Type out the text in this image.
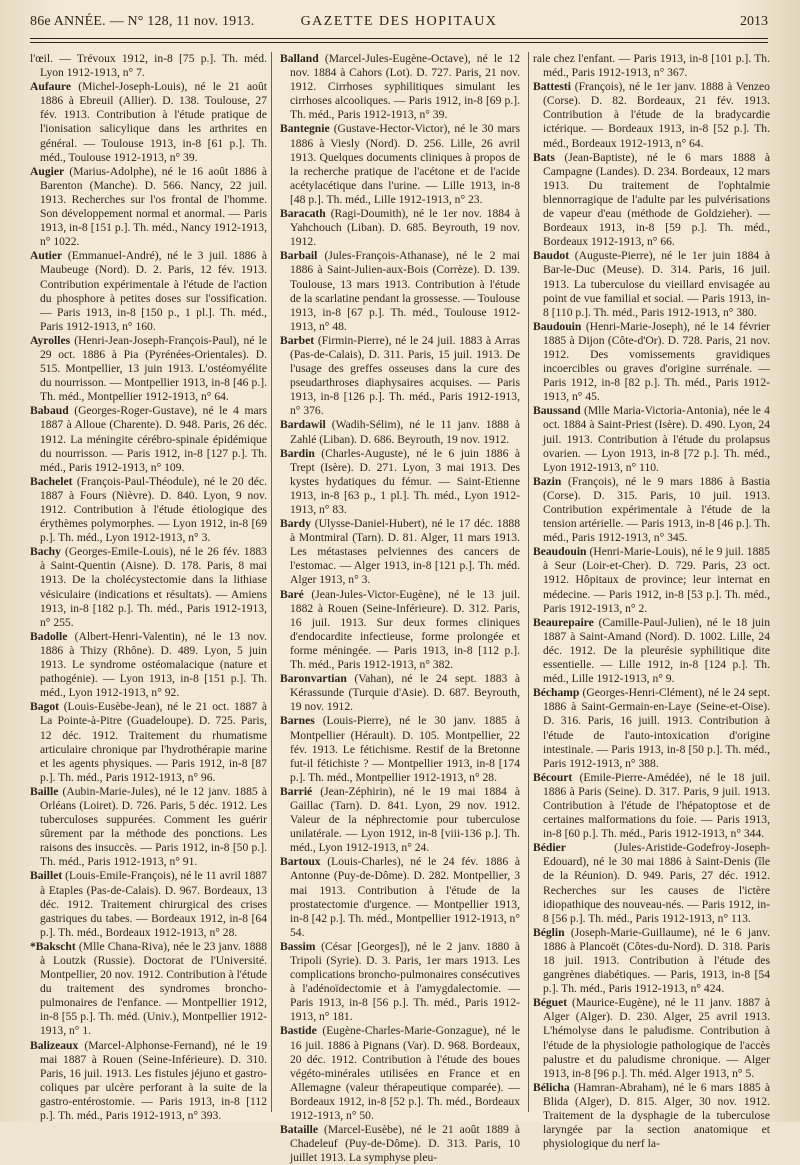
86e ANNÉE. — N° 128, 11 nov. 1913.	GAZETTE DES HOPITAUX	2013

l'œil. — Trévoux 1912, in-8 [75 p.]. Th. méd. Lyon 1912-1913, n° 7.

Aufaure (Michel-Joseph-Louis), né le 21 août 1886 à Ebreuil (Allier). D. 138. Toulouse, 27 fév. 1913. Contribution à l'étude pratique de l'ionisation salicylique dans les arthrites en général. — Toulouse 1913, in-8 [61 p.]. Th. méd., Toulouse 1912-1913, n° 39.

Augier (Marius-Adolphe), né le 16 août 1886 à Barenton (Manche). D. 566. Nancy, 22 juil. 1913. Recherches sur l'os frontal de l'homme. Son développement normal et anormal. — Paris 1913, in-8 [151 p.]. Th. méd., Nancy 1912-1913, n° 1022.

Autier (Emmanuel-André), né le 3 juil. 1886 à Maubeuge (Nord). D. 2. Paris, 12 fév. 1913. Contribution expérimentale à l'étude de l'action du phosphore à petites doses sur l'ossification. — Paris 1913, in-8 [150 p., 1 pl.]. Th. méd., Paris 1912-1913, n° 160.

Ayrolles (Henri-Jean-Joseph-François-Paul), né le 29 oct. 1886 à Pia (Pyrénées-Orientales). D. 515. Montpellier, 13 juin 1913. L'ostéomyélite du nourrisson. — Montpellier 1913, in-8 [46 p.]. Th. méd., Montpellier 1912-1913, n° 64.

Babaud (Georges-Roger-Gustave), né le 4 mars 1887 à Alloue (Charente). D. 948. Paris, 26 déc. 1912. La méningite cérébro-spinale épidémique du nourrisson. — Paris 1912, in-8 [127 p.]. Th. méd., Paris 1912-1913, n° 109.

Bachelet (François-Paul-Théodule), né le 20 déc. 1887 à Fours (Nièvre). D. 840. Lyon, 9 nov. 1912. Contribution à l'étude étiologique des érythèmes polymorphes. — Lyon 1912, in-8 [69 p.]. Th. méd., Lyon 1912-1913, n° 3.

Bachy (Georges-Emile-Louis), né le 26 fév. 1883 à Saint-Quentin (Aisne). D. 178. Paris, 8 mai 1913. De la cholécystectomie dans la lithiase vésiculaire (indications et résultats). — Amiens 1913, in-8 [182 p.]. Th. méd., Paris 1912-1913, n° 255.

Badolle (Albert-Henri-Valentin), né le 13 nov. 1886 à Thizy (Rhône). D. 489. Lyon, 5 juin 1913. Le syndrome ostéomalacique (nature et pathogénie). — Lyon 1913, in-8 [151 p.]. Th. méd., Lyon 1912-1913, n° 92.

Bagot (Louis-Eusèbe-Jean), né le 21 oct. 1887 à La Pointe-à-Pitre (Guadeloupe). D. 725. Paris, 12 déc. 1912. Traitement du rhumatisme articulaire chronique par l'hydrothérapie marine et les agents physiques. — Paris 1912, in-8 [87 p.]. Th. méd., Paris 1912-1913, n° 96.

Baille (Aubin-Marie-Jules), né le 12 janv. 1885 à Orléans (Loiret). D. 726. Paris, 5 déc. 1912. Les tuberculoses suppurées. Comment les guérir sûrement par la méthode des ponctions. Les raisons des insuccès. — Paris 1912, in-8 [50 p.]. Th. méd., Paris 1912-1913, n° 91.

Baillet (Louis-Emile-François), né le 11 avril 1887 à Etaples (Pas-de-Calais). D. 967. Bordeaux, 13 déc. 1912. Traitement chirurgical des crises gastriques du tabes. — Bordeaux 1912, in-8 [64 p.]. Th. méd., Bordeaux 1912-1913, n° 28.

*Bakscht (Mlle Chana-Riva), née le 23 janv. 1888 à Loutzk (Russie). Doctorat de l'Université. Montpellier, 20 nov. 1912. Contribution à l'étude du traitement des syndromes broncho-pulmonaires de l'enfance. — Montpellier 1912, in-8 [55 p.]. Th. méd. (Univ.), Montpellier 1912-1913, n° 1.

Balizeaux (Marcel-Alphonse-Fernand), né le 19 mai 1887 à Rouen (Seine-Inférieure). D. 310. Paris, 16 juil. 1913. Les fistules jéjuno et gastro-coliques par ulcère perforant à la suite de la gastro-entérostomie. — Paris 1913, in-8 [112 p.]. Th. méd., Paris 1912-1913, n° 393.

Balland (Marcel-Jules-Eugène-Octave), né le 12 nov. 1884 à Cahors (Lot). D. 727. Paris, 21 nov. 1912. Cirrhoses syphilitiques simulant les cirrhoses alcooliques. — Paris 1912, in-8 [69 p.]. Th. méd., Paris 1912-1913, n° 39.

Bantegnie (Gustave-Hector-Victor), né le 30 mars 1886 à Viesly (Nord). D. 256. Lille, 26 avril 1913. Quelques documents cliniques à propos de la recherche pratique de l'acétone et de l'acide acétylacétique dans l'urine. — Lille 1913, in-8 [48 p.]. Th. méd., Lille 1912-1913, n° 23.

Baracath (Ragi-Doumith), né le 1er nov. 1884 à Yahchouch (Liban). D. 685. Beyrouth, 19 nov. 1912.

Barbail (Jules-François-Athanase), né le 2 mai 1886 à Saint-Julien-aux-Bois (Corrèze). D. 139. Toulouse, 13 mars 1913. Contribution à l'étude de la scarlatine pendant la grossesse. — Toulouse 1913, in-8 [67 p.]. Th. méd., Toulouse 1912-1913, n° 48.

Barbet (Firmin-Pierre), né le 24 juil. 1883 à Arras (Pas-de-Calais), D. 311. Paris, 15 juil. 1913. De l'usage des greffes osseuses dans la cure des pseudarthroses diaphysaires acquises. — Paris 1913, in-8 [126 p.]. Th. méd., Paris 1912-1913, n° 376.

Bardawil (Wadih-Sélim), né le 11 janv. 1888 à Zahlé (Liban). D. 686. Beyrouth, 19 nov. 1912.

Bardin (Charles-Auguste), né le 6 juin 1886 à Trept (Isère). D. 271. Lyon, 3 mai 1913. Des kystes hydatiques du fémur. — Saint-Etienne 1913, in-8 [63 p., 1 pl.]. Th. méd., Lyon 1912-1913, n° 83.

Bardy (Ulysse-Daniel-Hubert), né le 17 déc. 1888 à Montmiral (Tarn). D. 81. Alger, 11 mars 1913. Les métastases pelviennes des cancers de l'estomac. — Alger 1913, in-8 [121 p.]. Th. méd. Alger 1913, n° 3.

Baré (Jean-Jules-Victor-Eugène), né le 13 juil. 1882 à Rouen (Seine-Inférieure). D. 312. Paris, 16 juil. 1913. Sur deux formes cliniques d'endocardite infectieuse, forme prolongée et forme méningée. — Paris 1913, in-8 [112 p.]. Th. méd., Paris 1912-1913, n° 382.

Baronvartian (Vahan), né le 24 sept. 1883 à Kérassunde (Turquie d'Asie). D. 687. Beyrouth, 19 nov. 1912.

Barnes (Louis-Pierre), né le 30 janv. 1885 à Montpellier (Hérault). D. 105. Montpellier, 22 fév. 1913. Le fétichisme. Restif de la Bretonne fut-il fétichiste ? — Montpellier 1913, in-8 [174 p.]. Th. méd., Montpellier 1912-1913, n° 28.

Barrié (Jean-Zéphirin), né le 19 mai 1884 à Gaillac (Tarn). D. 841. Lyon, 29 nov. 1912. Valeur de la néphrectomie pour tuberculose unilatérale. — Lyon 1912, in-8 [viii-136 p.]. Th. méd., Lyon 1912-1913, n° 24.

Bartoux (Louis-Charles), né le 24 fév. 1886 à Antonne (Puy-de-Dôme). D. 282. Montpellier, 3 mai 1913. Contribution à l'étude de la prostatectomie d'urgence. — Montpellier 1913, in-8 [42 p.]. Th. méd., Montpellier 1912-1913, n° 54.

Bassim (César [Georges]), né le 2 janv. 1880 à Tripoli (Syrie). D. 3. Paris, 1er mars 1913. Les complications broncho-pulmonaires consécutives à l'adénoïdectomie et à l'amygdalectomie. — Paris 1913, in-8 [56 p.]. Th. méd., Paris 1912-1913, n° 181.

Bastide (Eugène-Charles-Marie-Gonzague), né le 16 juil. 1886 à Pignans (Var). D. 968. Bordeaux, 20 déc. 1912. Contribution à l'étude des boues végéto-minérales utilisées en France et en Allemagne (valeur thérapeutique comparée). — Bordeaux 1912, in-8 [52 p.]. Th. méd., Bordeaux 1912-1913, n° 50.

Bataille (Marcel-Eusèbe), né le 21 août 1889 à Chadeleuf (Puy-de-Dôme). D. 313. Paris, 10 juillet 1913. La symphyse pleu-

rale chez l'enfant. — Paris 1913, in-8 [101 p.]. Th. méd., Paris 1912-1913, n° 367.

Battesti (François), né le 1er janv. 1888 à Venzeo (Corse). D. 82. Bordeaux, 21 fév. 1913. Contribution à l'étude de la bradycardie ictérique. — Bordeaux 1913, in-8 [52 p.]. Th. méd., Bordeaux 1912-1913, n° 64.

Bats (Jean-Baptiste), né le 6 mars 1888 à Campagne (Landes). D. 234. Bordeaux, 12 mars 1913. Du traitement de l'ophtalmie blennorragique de l'adulte par les pulvérisations de vapeur d'eau (méthode de Goldzieher). — Bordeaux 1913, in-8 [59 p.]. Th. méd., Bordeaux 1912-1913, n° 66.

Baudot (Auguste-Pierre), né le 1er juin 1884 à Bar-le-Duc (Meuse). D. 314. Paris, 16 juil. 1913. La tuberculose du vieillard envisagée au point de vue familial et social. — Paris 1913, in-8 [110 p.]. Th. méd., Paris 1912-1913, n° 380.

Baudouin (Henri-Marie-Joseph), né le 14 février 1885 à Dijon (Côte-d'Or). D. 728. Paris, 21 nov. 1912. Des vomissements gravidiques incoercibles ou graves d'origine surrénale. — Paris 1912, in-8 [82 p.]. Th. méd., Paris 1912-1913, n° 45.

Baussand (Mlle Maria-Victoria-Antonia), née le 4 oct. 1884 à Saint-Priest (Isère). D. 490. Lyon, 24 juil. 1913. Contribution à l'étude du prolapsus ovarien. — Lyon 1913, in-8 [72 p.]. Th. méd., Lyon 1912-1913, n° 110.

Bazin (François), né le 9 mars 1886 à Bastia (Corse). D. 315. Paris, 10 juil. 1913. Contribution expérimentale à l'étude de la tension artérielle. — Paris 1913, in-8 [46 p.]. Th. méd., Paris 1912-1913, n° 345.

Beaudouin (Henri-Marie-Louis), né le 9 juil. 1885 à Seur (Loir-et-Cher). D. 729. Paris, 23 oct. 1912. Hôpitaux de province; leur internat en médecine. — Paris 1912, in-8 [53 p.]. Th. méd., Paris 1912-1913, n° 2.

Beaurepaire (Camille-Paul-Julien), né le 18 juin 1887 à Saint-Amand (Nord). D. 1002. Lille, 24 déc. 1912. De la pleurésie syphilitique dite essentielle. — Lille 1912, in-8 [124 p.]. Th. méd., Lille 1912-1913, n° 9.

Béchamp (Georges-Henri-Clément), né le 24 sept. 1886 à Saint-Germain-en-Laye (Seine-et-Oise). D. 316. Paris, 16 juill. 1913. Contribution à l'étude de l'auto-intoxication d'origine intestinale. — Paris 1913, in-8 [50 p.]. Th. méd., Paris 1912-1913, n° 388.

Bécourt (Emile-Pierre-Amédée), né le 18 juil. 1886 à Paris (Seine). D. 317. Paris, 9 juil. 1913. Contribution à l'étude de l'hépatoptose et de certaines malformations du foie. — Paris 1913, in-8 [60 p.]. Th. méd., Paris 1912-1913, n° 344.

Bédier	(Jules-Aristide-Godefroy-Joseph-Edouard), né le 30 mai 1886 à Saint-Denis (île de la Réunion). D. 949. Paris, 27 déc. 1912. Recherches sur les causes de l'ictère idiopathique des nouveau-nés. — Paris 1912, in-8 [56 p.]. Th. méd., Paris 1912-1913, n° 113.

Béglin (Joseph-Marie-Guillaume), né le 6 janv. 1886 à Plancoët (Côtes-du-Nord). D. 318. Paris 18 juil. 1913. Contribution à l'étude des gangrènes diabétiques. — Paris, 1913, in-8 [54 p.]. Th. méd., Paris 1912-1913, n° 424.

Béguet (Maurice-Eugène), né le 11 janv. 1887 à Alger (Alger). D. 230. Alger, 25 avril 1913. L'hémolyse dans le paludisme. Contribution à l'étude de la physiologie pathologique de l'accès palustre et du paludisme chronique. — Alger 1913, in-8 [96 p.]. Th. méd. Alger 1913, n° 5.

Bélicha (Hamran-Abraham), né le 6 mars 1885 à Blida (Alger), D. 815. Alger, 30 nov. 1912. Traitement de la dysphagie de la tuberculose laryngée par la section anatomique et physiologique du nerf la-
